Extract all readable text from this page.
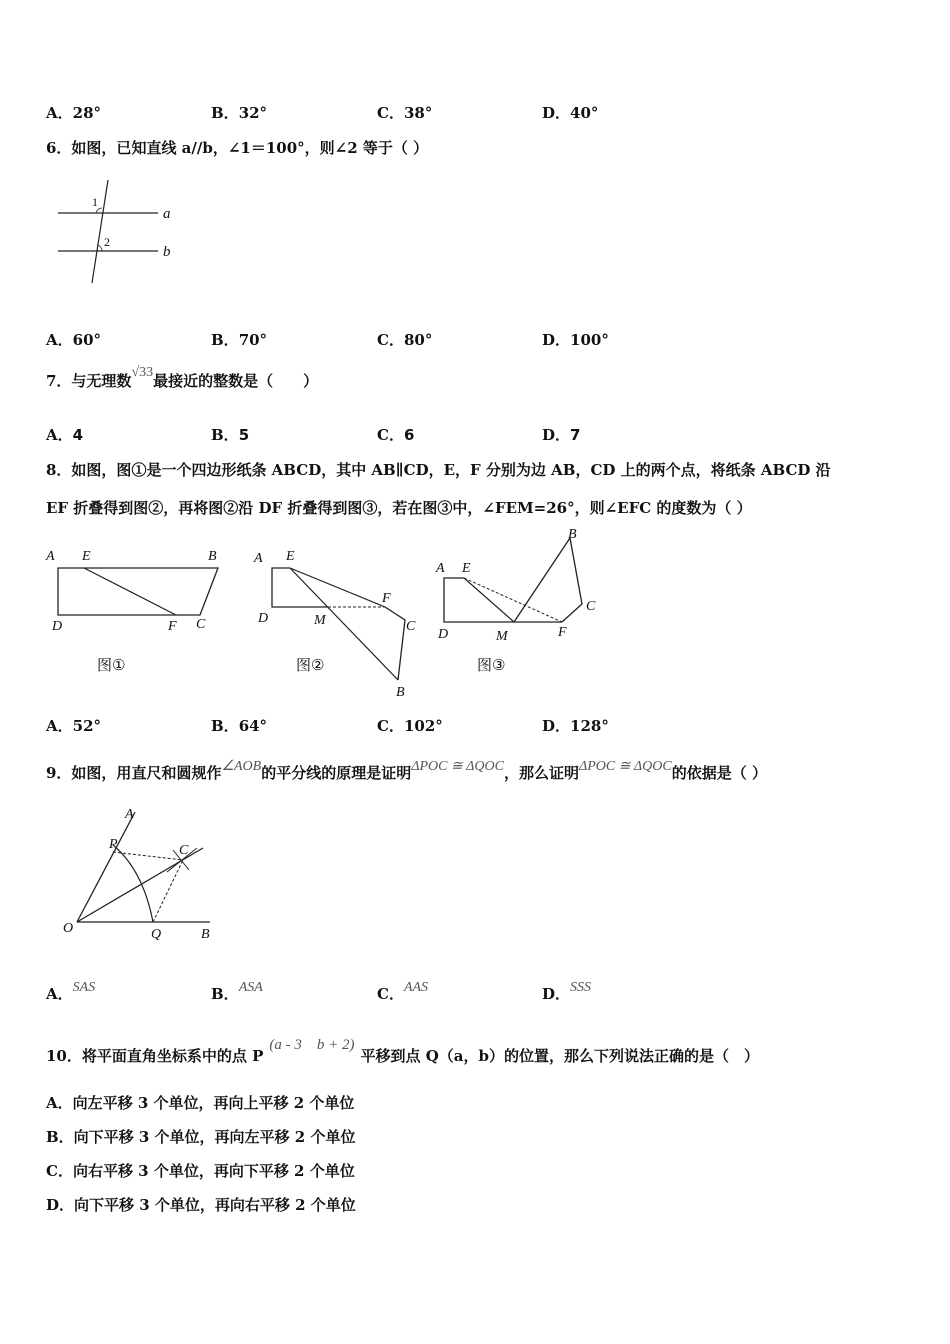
A．28°	B．32°	C．38°	D．40°
6．如图，已知直线 a//b，∠1＝100°，则∠2 等于（ ）
1
2
a
b
A．60°	B．70°	C．80°	D．100°
7．与无理数√33最接近的整数是（　　）
A．4	B．5	C．6	D．7
8．如图，图①是一个四边形纸条 ABCD，其中 AB∥CD，E，F 分别为边 AB，CD 上的两个点，将纸条 ABCD 沿
EF 折叠得到图②，再将图②沿 DF 折叠得到图③，若在图③中，∠FEM=26°，则∠EFC 的度数为（ ）
A E	B
D	F C
图①
A E
D	M
F
C
B
图②
A E
B
C
D	M	F
图③
A．52°	B．64°	C．102°	D．128°
9．如图，用直尺和圆规作∠AOB的平分线的原理是证明ΔPOC ≅ ΔQOC，那么证明ΔPOC ≅ ΔQOC的依据是（ ）
A
P	C
O	Q	B
A．SAS	B．ASA	C．AAS	D．SSS
10．将平面直角坐标系中的点 P(a - 3　b + 2)平移到点 Q（a，b）的位置，那么下列说法正确的是（　）
A．向左平移 3 个单位，再向上平移 2 个单位
B．向下平移 3 个单位，再向左平移 2 个单位
C．向右平移 3 个单位，再向下平移 2 个单位
D．向下平移 3 个单位，再向右平移 2 个单位
